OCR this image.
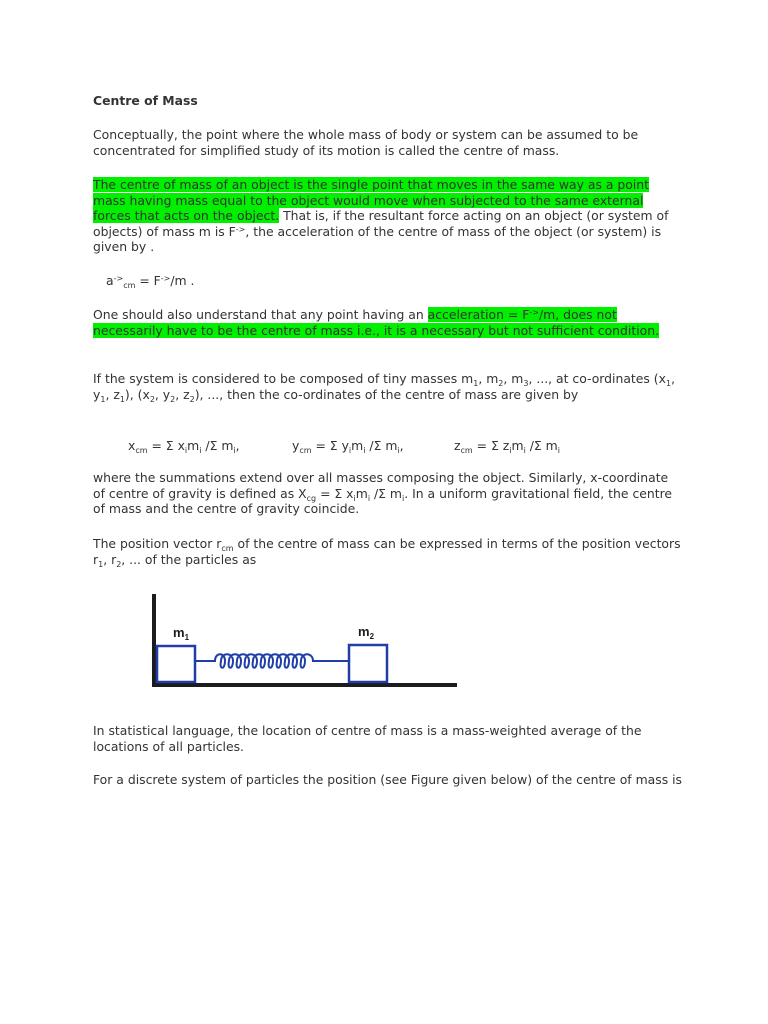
Centre of Mass

Conceptually, the point where the whole mass of body or system can be assumed to be concentrated for simplified study of its motion is called the centre of mass.

The centre of mass of an object is the single point that moves in the same way as a point mass having mass equal to the object would move when subjected to the same external forces that acts on the object. That is, if the resultant force acting on an object (or system of objects) of mass m is F->, the acceleration of the centre of mass of the object (or system) is given by .

$a^{->}_{cm} = F^{->}/m$ .

One should also understand that any point having an acceleration = F->/m, does not necessarily have to be the centre of mass i.e., it is a necessary but not sufficient condition.

If the system is considered to be composed of tiny masses $m_1$, $m_2$, $m_3$, ..., at co-ordinates ($x_1$, $y_1$, $z_1$), ($x_2$, $y_2$, $z_2$), ..., then the co-ordinates of the centre of mass are given by

$x_{cm} = \Sigma$ $x_im_i$ /Σ $m_i$,	$y_{cm} = \Sigma$ $y_im_i$ /Σ $m_i$,	$z_{cm} = \Sigma$ $z_im_i$ /Σ $m_i$

where the summations extend over all masses composing the object. Similarly, x-coordinate of centre of gravity is defined as $X_{cg} = \Sigma$ $x_im_i$ /Σ $m_i$. In a uniform gravitational field, the centre of mass and the centre of gravity coincide.

The position vector $r_{cm}$ of the centre of mass can be expressed in terms of the position vectors $r_1$, $r_2$, ... of the particles as

$m_1$	$m_2$

In statistical language, the location of centre of mass is a mass-weighted average of the locations of all particles.

For a discrete system of particles the position (see Figure given below) of the centre of mass is
